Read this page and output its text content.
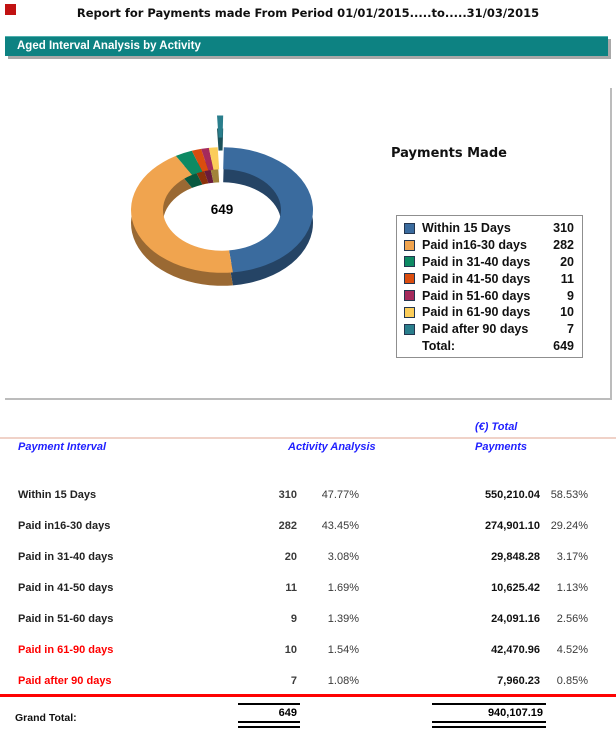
Report for Payments made From Period 01/01/2015.....to.....31/03/2015
Aged Interval Analysis by Activity
649
Payments Made
Within 15 Days	310
Paid in16-30 days	282
Paid in 31-40 days	20
Paid in 41-50 days	11
Paid in 51-60 days	9
Paid in 61-90 days	10
Paid after 90 days	7
Total:	649
(€) Total
Payment Interval	Activity Analysis	Payments
Within 15 Days	310	47.77%	550,210.04 58.53%
Paid in16-30 days	282	43.45%	274,901.10 29.24%
Paid in 31-40 days	20	3.08%	29,848.28	3.17%
Paid in 41-50 days	11	1.69%	10,625.42	1.13%
Paid in 51-60 days	9	1.39%	24,091.16	2.56%
Paid in 61-90 days	10	1.54%	42,470.96	4.52%
Paid after 90 days	7	1.08%	7,960.23	0.85%
Grand Total:	649	940,107.19
